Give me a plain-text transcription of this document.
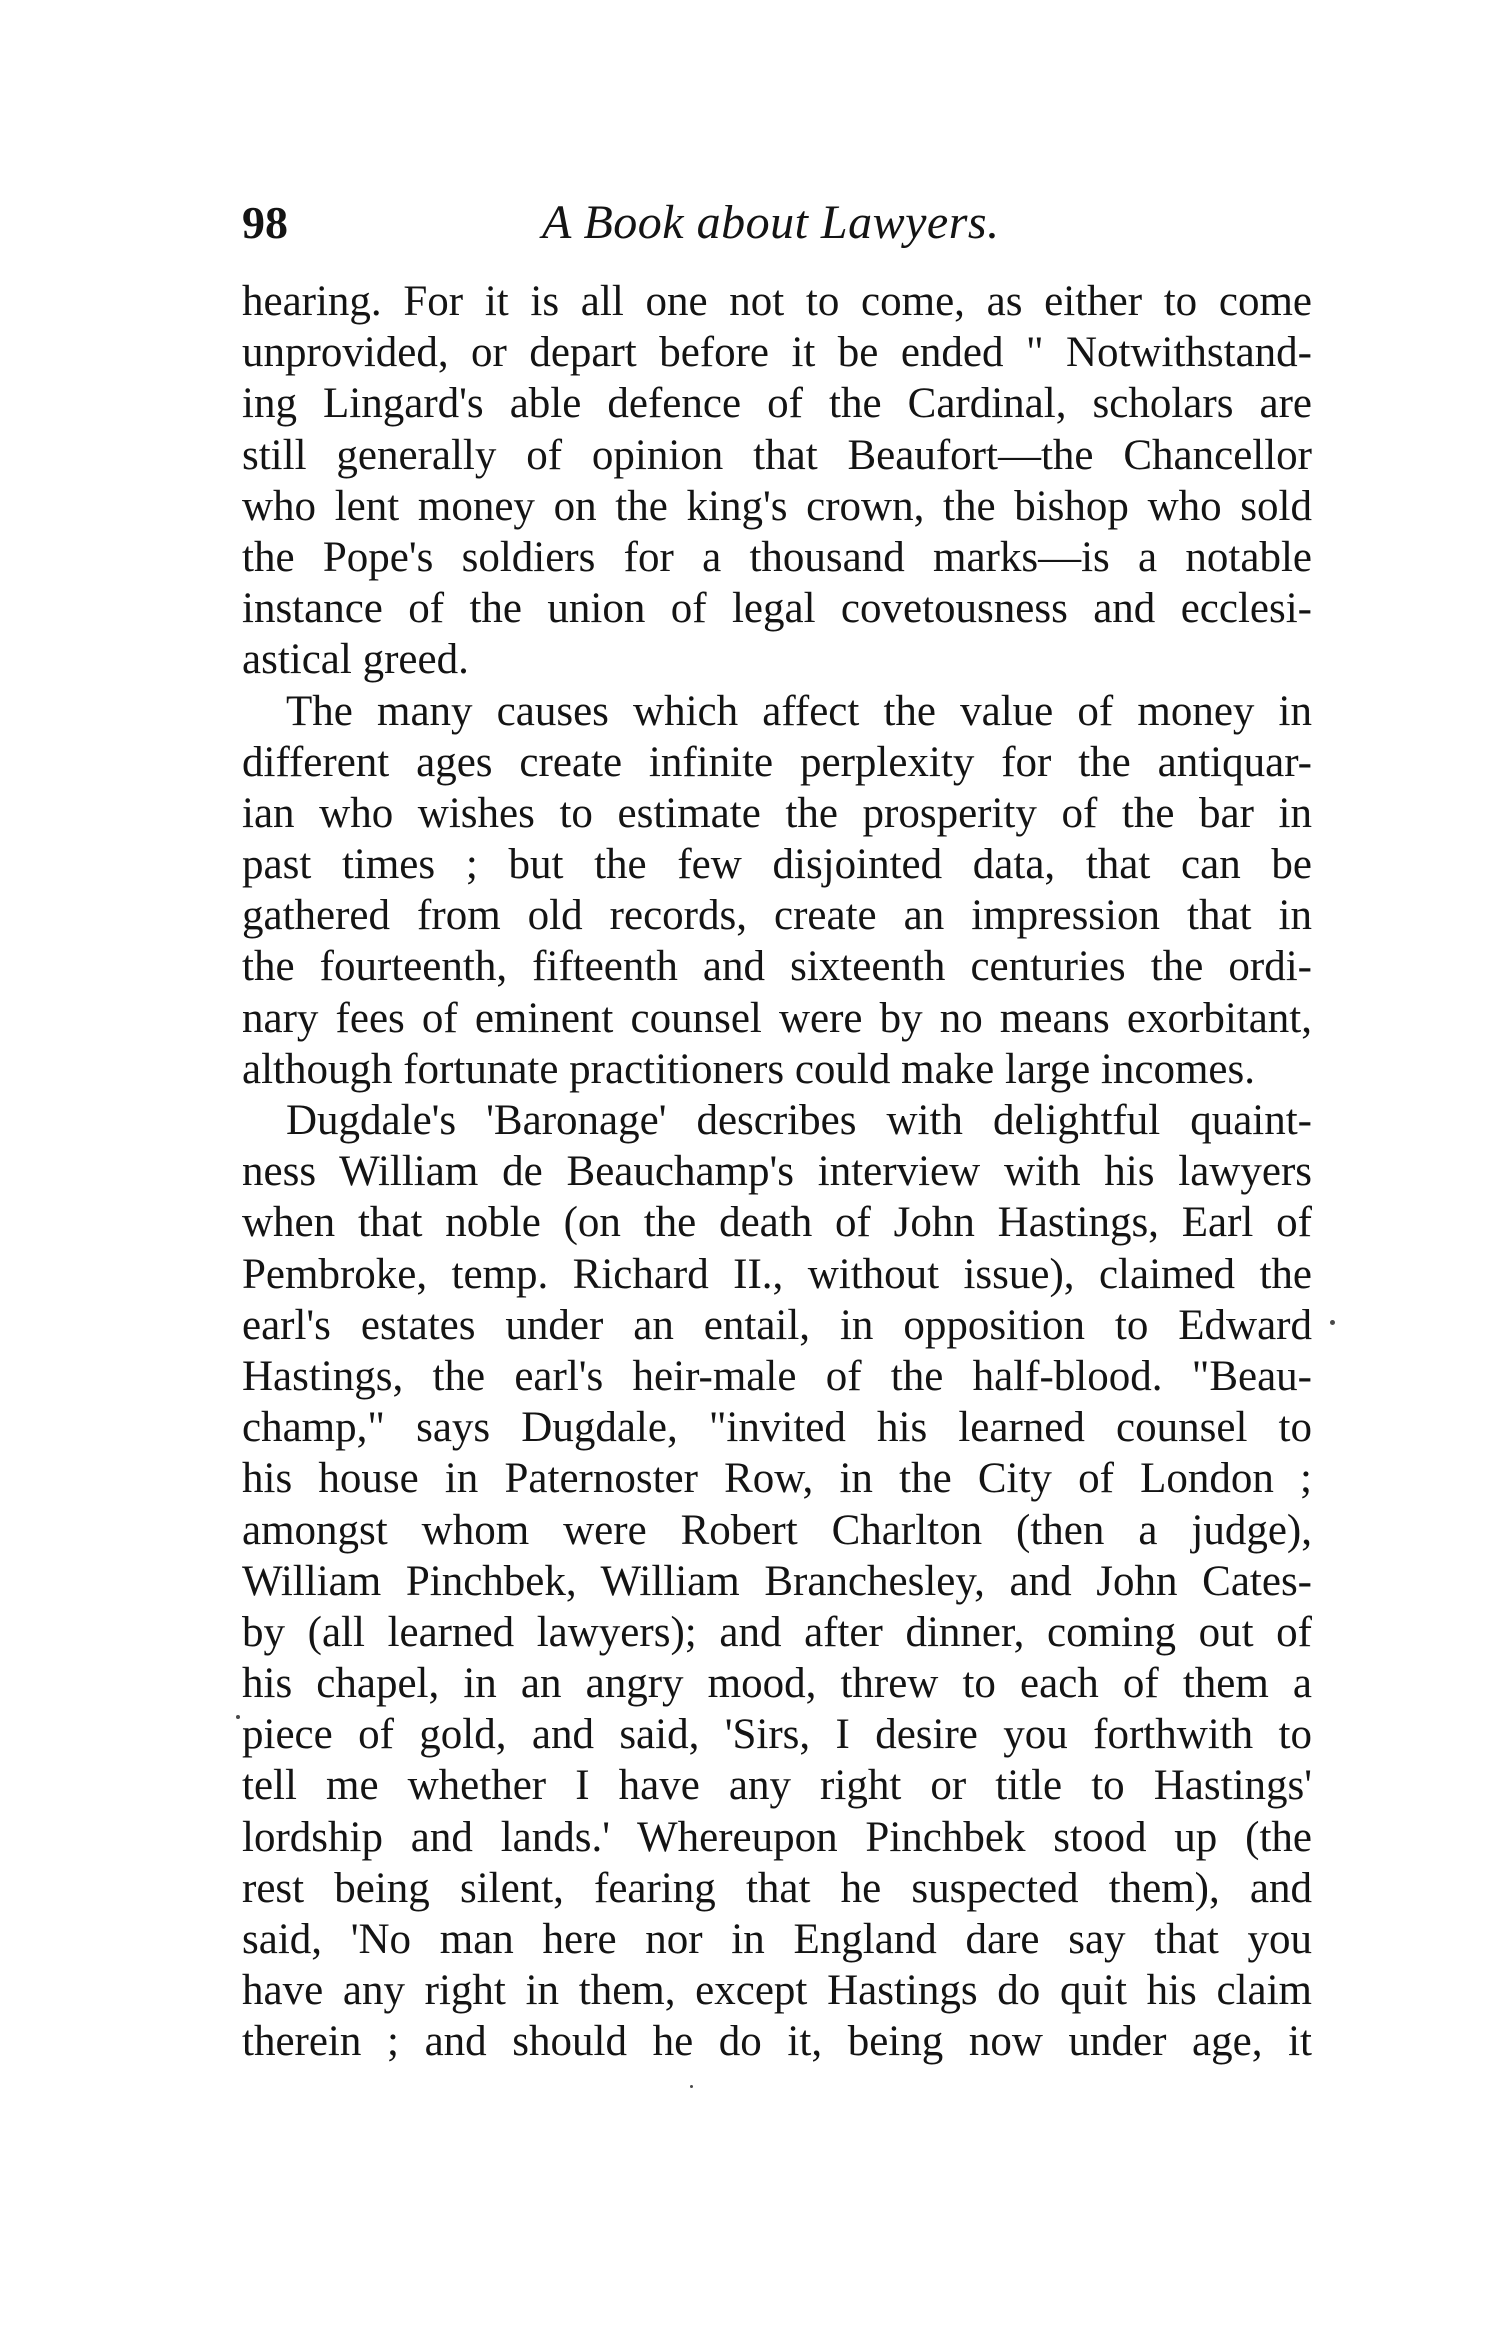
98	A Book about Lawyers.
hearing. For it is all one not to come, as either to come
unprovided, or depart before it be ended " Notwithstand-
ing Lingard's able defence of the Cardinal, scholars are
still generally of opinion that Beaufort—the Chancellor
who lent money on the king's crown, the bishop who sold
the Pope's soldiers for a thousand marks—is a notable
instance of the union of legal covetousness and ecclesi-
astical greed.
The many causes which affect the value of money in
different ages create infinite perplexity for the antiquar-
ian who wishes to estimate the prosperity of the bar in
past times ; but the few disjointed data, that can be
gathered from old records, create an impression that in
the fourteenth, fifteenth and sixteenth centuries the ordi-
nary fees of eminent counsel were by no means exorbitant,
although fortunate practitioners could make large incomes.
Dugdale's 'Baronage' describes with delightful quaint-
ness William de Beauchamp's interview with his lawyers
when that noble (on the death of John Hastings, Earl of
Pembroke, temp. Richard II., without issue), claimed the
earl's estates under an entail, in opposition to Edward
Hastings, the earl's heir-male of the half-blood. "Beau-
champ," says Dugdale, "invited his learned counsel to
his house in Paternoster Row, in the City of London ;
amongst whom were Robert Charlton (then a judge),
William Pinchbek, William Branchesley, and John Cates-
by (all learned lawyers); and after dinner, coming out of
his chapel, in an angry mood, threw to each of them a
piece of gold, and said, 'Sirs, I desire you forthwith to
tell me whether I have any right or title to Hastings'
lordship and lands.' Whereupon Pinchbek stood up (the
rest being silent, fearing that he suspected them), and
said, 'No man here nor in England dare say that you
have any right in them, except Hastings do quit his claim
therein ; and should he do it, being now under age, it
